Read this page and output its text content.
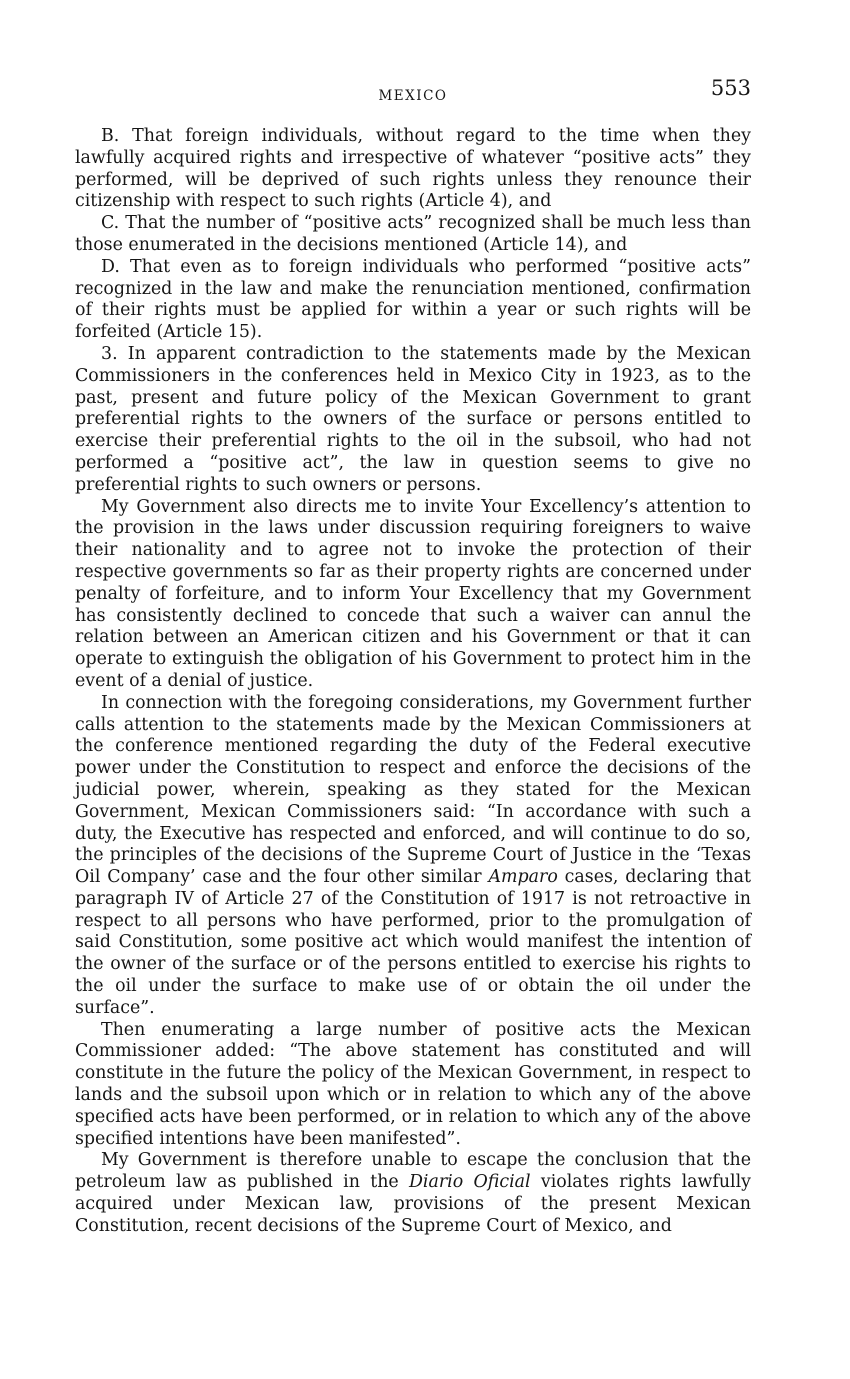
MEXICO	553

B. That foreign individuals, without regard to the time when they lawfully acquired rights and irrespective of whatever “positive acts” they performed, will be deprived of such rights unless they renounce their citizenship with respect to such rights (Article 4), and

C. That the number of “positive acts” recognized shall be much less than those enumerated in the decisions mentioned (Article 14), and

D. That even as to foreign individuals who performed “positive acts” recognized in the law and make the renunciation mentioned, confirmation of their rights must be applied for within a year or such rights will be forfeited (Article 15).

3. In apparent contradiction to the statements made by the Mexican Commissioners in the conferences held in Mexico City in 1923, as to the past, present and future policy of the Mexican Government to grant preferential rights to the owners of the surface or persons entitled to exercise their preferential rights to the oil in the subsoil, who had not performed a “positive act”, the law in question seems to give no preferential rights to such owners or persons.

My Government also directs me to invite Your Excellency’s attention to the provision in the laws under discussion requiring foreigners to waive their nationality and to agree not to invoke the protection of their respective governments so far as their property rights are concerned under penalty of forfeiture, and to inform Your Excellency that my Government has consistently declined to concede that such a waiver can annul the relation between an American citizen and his Government or that it can operate to extinguish the obligation of his Government to protect him in the event of a denial of justice.

In connection with the foregoing considerations, my Government further calls attention to the statements made by the Mexican Commissioners at the conference mentioned regarding the duty of the Federal executive power under the Constitution to respect and enforce the decisions of the judicial power, wherein, speaking as they stated for the Mexican Government, Mexican Commissioners said: “In accordance with such a duty, the Executive has respected and enforced, and will continue to do so, the principles of the decisions of the Supreme Court of Justice in the ‘Texas Oil Company’ case and the four other similar Amparo cases, declaring that paragraph IV of Article 27 of the Constitution of 1917 is not retroactive in respect to all persons who have performed, prior to the promulgation of said Constitution, some positive act which would manifest the intention of the owner of the surface or of the persons entitled to exercise his rights to the oil under the surface to make use of or obtain the oil under the surface”.

Then enumerating a large number of positive acts the Mexican Commissioner added: “The above statement has constituted and will constitute in the future the policy of the Mexican Government, in respect to lands and the subsoil upon which or in relation to which any of the above specified acts have been performed, or in relation to which any of the above specified intentions have been manifested”.

My Government is therefore unable to escape the conclusion that the petroleum law as published in the Diario Oficial violates rights lawfully acquired under Mexican law, provisions of the present Mexican Constitution, recent decisions of the Supreme Court of Mexico, and
